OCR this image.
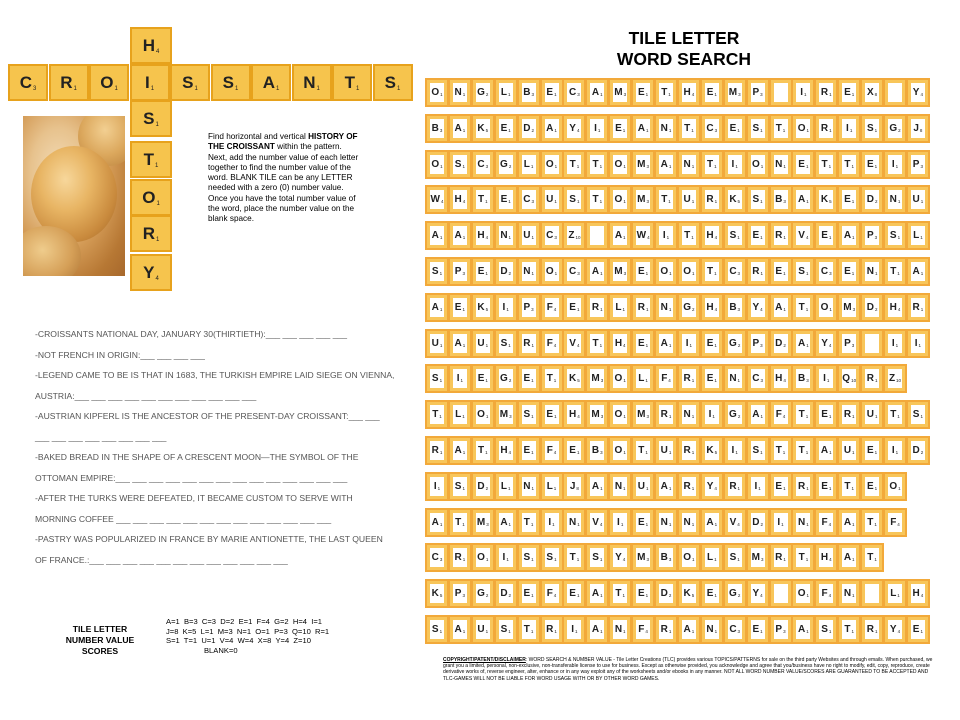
C 3 R 1 O 1 I 1 S 1 S 1 A 1 N 1 T 1 S 1
H 4
S 1
T 1
O 1
R 1
Y 4
Find horizontal and vertical HISTORY OF THE CROISSANT within the pattern.
Next, add the number value of each letter together to find the number value of the word. BLANK TILE can be any LETTER needed with a zero (0) number value.
Once you have the total number value of the word, place the number value on the blank space.
-CROISSANTS NATIONAL DAY, JANUARY 30(THIRTIETH):___ ___ ___ ___ ___
-NOT FRENCH IN ORIGIN:___ ___ ___ ___
-LEGEND CAME TO BE IS THAT IN 1683, THE TURKISH EMPIRE LAID SIEGE ON VIENNA, AUSTRIA:___ ___ ___ ___ ___ ___ ___ ___ ___ ___ ___
-AUSTRIAN KIPFERL IS THE ANCESTOR OF THE PRESENT-DAY CROISSANT:___ ___ ___ ___ ___ ___ ___ ___ ___ ___
-BAKED BREAD IN THE SHAPE OF A CRESCENT MOON—THE SYMBOL OF THE OTTOMAN EMPIRE:___ ___ ___ ___ ___ ___ ___ ___ ___ ___ ___ ___ ___ ___
-AFTER THE TURKS WERE DEFEATED, IT BECAME CUSTOM TO SERVE WITH MORNING COFFEE ___ ___ ___ ___ ___ ___ ___ ___ ___ ___ ___ ___ ___
-PASTRY WAS POPULARIZED IN FRANCE BY MARIE ANTIONETTE, THE LAST QUEEN OF FRANCE.:___ ___ ___ ___ ___ ___ ___ ___ ___ ___ ___ ___
TILE LETTER NUMBER VALUE SCORES
A=1  B=3  C=3  D=2  E=1  F=4  G=2  H=4  I=1
J=8  K=5  L=1  M=3  N=1  O=1  P=3  Q=10  R=1
S=1  T=1  U=1  V=4  W=4  X=8  Y=4  Z=10
BLANK=0
TILE LETTER
WORD SEARCH
O 1 N 1 G 2 L 1 B 3 E 1 C 3 A 1 M 3 E 1 T 1 H 4 E 1 M 3 P 3	I 1 R 1 E 1 X 8	Y 4
B 3 A 1 K 5 E 1 D 2 A 1 Y 4 I 1 E 1 A 1 N 1 T 1 C 3 E 1 S 1 T 1 O 1 R 1 I 1 S 1 G 2 J 8
O 1 S 1 C 3 G 2 L 1 O 1 T 1 T 1 O 1 M 3 A 1 N 1 T 1 I 1 O 1 N 1 E 1 T 1 T 1 E 1 I 1 P 3
W 4 H 4 T 1 E 1 C 3 U 1 S 1 T 1 O 1 M 3 T 1 U 1 R 1 K 5 S 1 B 3 A 1 K 5 E 1 D 2 N 1 U 1
A 1 A 1 H 4 N 1 U 1 C 3 Z 10	A 1 W 4 I 1 T 1 H 4 S 1 E 1 R 1 V 4 E 1 A 1 P 3 S 1 L 1
S 1 P 3 E 1 D 2 N 1 O 1 C 3 A 1 M 3 E 1 O 1 O 1 T 1 C 3 R 1 E 1 S 1 C 3 E 1 N 1 T 1 A 1
A 1 E 1 K 5 I 1 P 3 F 4 E 1 R 1 L 1 R 1 N 1 G 2 H 4 B 3 Y 4 A 1 T 1 O 1 M 3 D 2 H 4 R 1
U 1 A 1 U 1 S 1 R 1 F 4 V 4 T 1 H 4 E 1 A 1 I 1 E 1 G 2 P 3 D 2 A 1 Y 4 P 3	I 1 I 1
S 1 I 1 E 1 G 2 E 1 T 1 K 5 M 3 O 1 L 1 F 4 R 1 E 1 N 1 C 3 H 4 B 3 I 1 Q 10 R 1 Z 10
T 1 L 1 O 1 M 3 S 1 E 1 H 4 M 3 O 1 M 3 R 1 N 1 I 1 G 2 A 1 F 4 T 1 E 1 R 1 U 1 T 1 S 1
R 1 A 1 T 1 H 4 E 1 F 4 E 1 B 3 O 1 T 1 U 1 R 1 K 5 I 1 S 1 T 1 T 1 A 1 U 1 E 1 I 1 D 2
I 1 S 1 D 2 L 1 N 1 L 1 J 8 A 1 N 1 U 1 A 1 R 1 Y 4 R 1 I 1 E 1 R 1 E 1 T 1 E 1 O 1
A 1 T 1 M 3 A 1 T 1 I 1 N 1 V 4 I 1 E 1 N 1 N 1 A 1 V 4 D 2 I 1 N 1 F 4 A 1 T 1 F 4
C 3 R 1 O 1 I 1 S 1 S 1 T 1 S 1 Y 4 M 3 B 3 O 1 L 1 S 1 M 3 R 1 T 1 H 4 A 1 T 1
K 5 P 3 G 2 D 2 E 1 F 4 E 1 A 1 T 1 E 1 D 2 K 5 E 1 G 2 Y 4	O 1 F 4 N 1	L 1 H 4
S 1 A 1 U 1 S 1 T 1 R 1 I 1 A 1 N 1 F 4 R 1 A 1 N 1 C 3 E 1 P 3 A 1 S 1 T 1 R 1 Y 4 E 1
COPYRIGHT/PATENT/DISCLAIMER: WORD SEARCH & NUMBER VALUE - Tile Letter Creations (TLC) provides various TOPICS/PATTERNS for sale on the third party Websites and through emails. When purchased, we grant you a limited, personal, non-exclusive, non-transferable license to use for business. Except as otherwise provided, you acknowledge and agree that you/business have no right to modify, edit, copy, reproduce, create derivative works of, reverse engineer, alter, enhance or in any way exploit any of the worksheets and/or ebooks in any manner. NOT ALL WORD NUMBER VALUE/SCORES ARE GUARANTEED TO BE ACCEPTED AND TLC-GAMES WILL NOT BE LIABLE FOR WORD USAGE WITH OR BY OTHER WORD GAMES.
